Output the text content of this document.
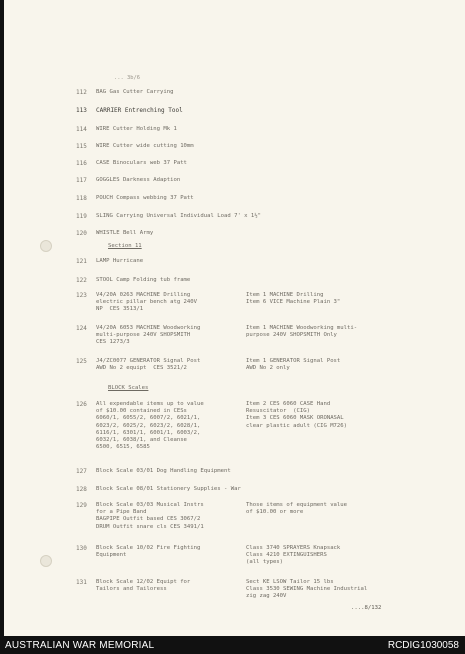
... 3b/6
112 BAG Gas Cutter Carrying
113 CARRIER Entrenching Tool
114 WIRE Cutter Holding Mk 1
115 WIRE Cutter wide cutting 10mm
116 CASE Binoculars web 37 Patt
117 GOGGLES Darkness Adaption
118 POUCH Compass webbing 37 Patt
119 SLING Carrying Universal Individual Load 7' x 1½"
120 WHISTLE Bell Army
Section 11
121 LAMP Hurricane
122 STOOL Camp Folding tub frame
123 V4/20A 0263 MACHINE Drilling
electric pillar bench atg 240V
NP  CES 3513/1
Item 1 MACHINE Drilling
Item 6 VICE Machine Plain 3"
124 V4/20A 6053 MACHINE Woodworking
multi-purpose 240V SHOPSMITH
CES 1273/3
Item 1 MACHINE Woodworking multi-
purpose 240V SHOPSMITH Only
125 J4/ZC0077 GENERATOR Signal Post
AWD No 2 equipt  CES 3521/2
Item 1 GENERATOR Signal Post
AWD No 2 only
BLOCK Scales
126 All expendable items up to value
of $10.00 contained in CESs
6060/1, 6055/2, 6007/2, 6021/1,
6023/2, 6025/2, 6023/2, 6028/1,
6116/1, 6301/1, 6001/1, 6003/2,
6032/1, 6038/1, and Cleanse
6500, 6515, 6585
Item 2 CES 6060 CASE Hand
Resuscitator  (CIG)
Item 3 CES 6060 MASK ORONASAL
clear plastic adult (CIG M726)
127 Block Scale 03/01 Dog Handling Equipment
128 Block Scale 08/01 Stationery Supplies - War
129 Block Scale 03/03 Musical Instrs
for a Pipe Band
BAGPIPE Outfit based CES 3067/2
DRUM Outfit snare cls CES 3491/1
Those items of equipment value
of $10.00 or more
130 Block Scale 10/02 Fire Fighting
Equipment
Class 3740 SPRAYERS Knapsack
Class 4210 EXTINGUISHERS
(all types)
131 Block Scale 12/02 Equipt for
Tailors and Tailoress
Sect KE LSOW Tailor 15 lbs
Class 3530 SEWING Machine Industrial
zig zag 240V
....8/132
AUSTRALIAN WAR MEMORIAL	RCDIG1030058
